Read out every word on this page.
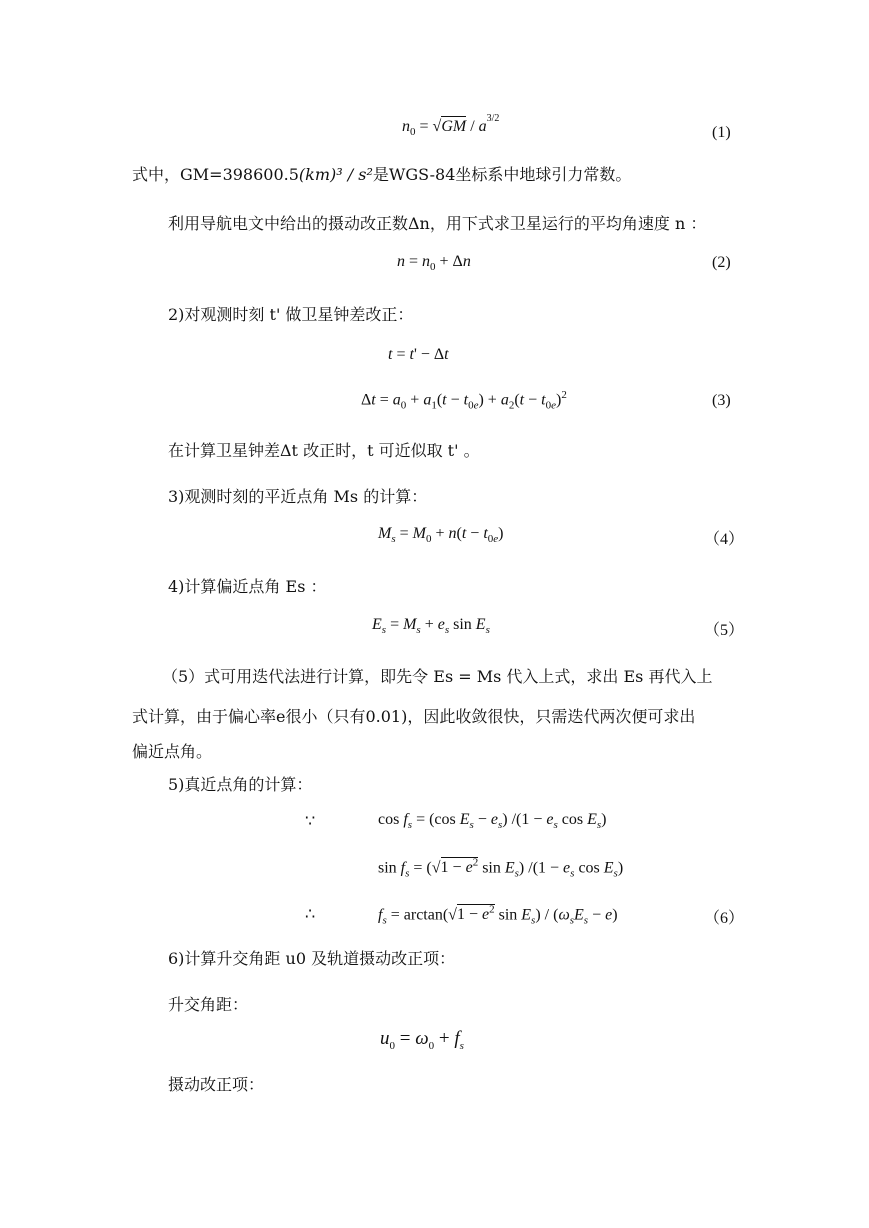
$n_0 = √GM / a^{3/2}$
(1)
式中，GM=398600.5(km)³ / s²是WGS-84坐标系中地球引力常数。
利用导航电文中给出的摄动改正数Δn，用下式求卫星运行的平均角速度 n ：
$n = n_0 + \Delta n$	(2)
2)对观测时刻 t' 做卫星钟差改正：
t = t' − Δt
$\Delta t = a_0 + a_1(t - t_{0e}) + a_2(t - t_{0e})^2$	(3)
在计算卫星钟差Δt 改正时，t 可近似取 t' 。
3)观测时刻的平近点角 Ms 的计算：
$M_s = M_0 + n(t - t_{0e})$	（4）
4)计算偏近点角 Es ：
$E_s = M_s + e_s$ $\sin E_s$	（5）
（5）式可用迭代法进行计算，即先令 Es = Ms 代入上式，求出 Es 再代入上
式计算，由于偏心率e很小（只有0.01)，因此收敛很快，只需迭代两次便可求出
偏近点角。
5)真近点角的计算：
∵	$\cos f_s = (\cos$ $E_s - e_s$) $/(1 - e_s$ $\cos E_s$)
$\sin f_s = (√1 - e^2$ $\sin E_s$) $/(1 - e_s$ $\cos E_s$)
∴	$f_s = \arctan(√1 - e^2$ $\sin E_s) / (\omega_sE_s - e)$	（6）
6)计算升交角距 u0 及轨道摄动改正项：
升交角距：
$u_0 = \omega_0 + f_s$
摄动改正项：
